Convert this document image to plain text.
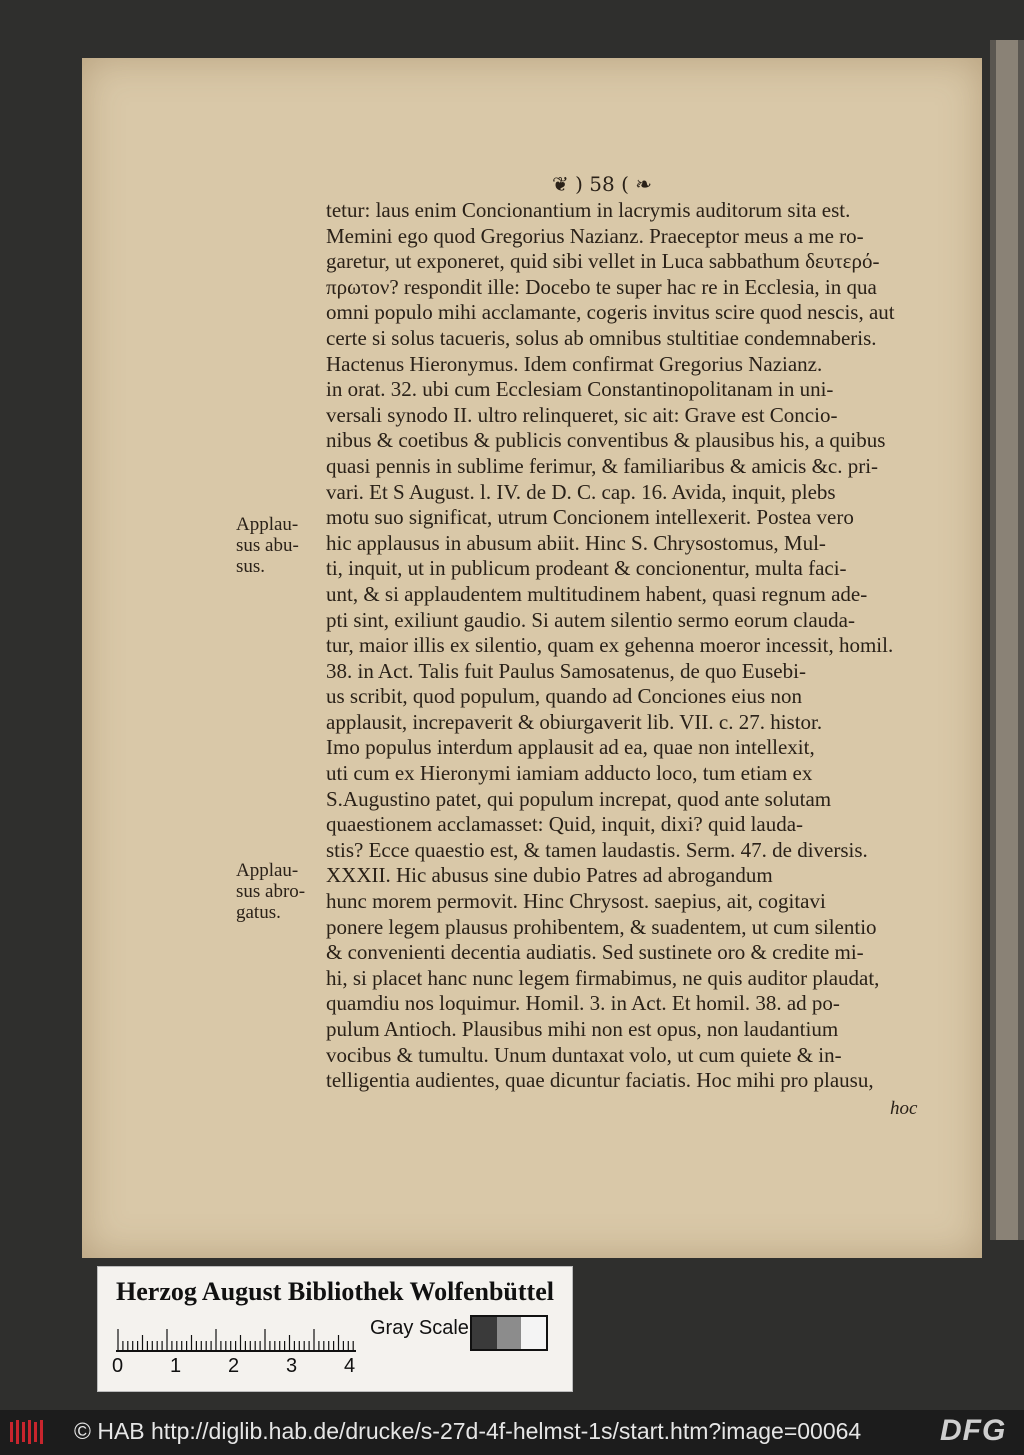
❦ ) 58 ( ❧
tetur: laus enim Concionantium in lacrymis auditorum sita est.
Memini ego quod Gregorius Nazianz. Praeceptor meus a me ro-
garetur, ut exponeret, quid sibi vellet in Luca sabbathum δευτερό-
πρωτον? respondit ille: Docebo te super hac re in Ecclesia, in qua
omni populo mihi acclamante, cogeris invitus scire quod nescis, aut
certe si solus tacueris, solus ab omnibus stultitiae condemnaberis.
Hactenus Hieronymus. Idem confirmat Gregorius Nazianz.
in orat. 32. ubi cum Ecclesiam Constantinopolitanam in uni-
versali synodo II. ultro relinqueret, sic ait: Grave est Concio-
nibus & coetibus & publicis conventibus & plausibus his, a quibus
quasi pennis in sublime ferimur, & familiaribus & amicis &c. pri-
vari. Et S August. l. IV. de D. C. cap. 16. Avida, inquit, plebs
motu suo significat, utrum Concionem intellexerit. Postea vero
hic applausus in abusum abiit. Hinc S. Chrysostomus, Mul-
ti, inquit, ut in publicum prodeant & concionentur, multa faci-
unt, & si applaudentem multitudinem habent, quasi regnum ade-
pti sint, exiliunt gaudio. Si autem silentio sermo eorum clauda-
tur, maior illis ex silentio, quam ex gehenna moeror incessit, homil.
38. in Act. Talis fuit Paulus Samosatenus, de quo Eusebi-
us scribit, quod populum, quando ad Conciones eius non
applausit, increpaverit & obiurgaverit lib. VII. c. 27. histor.
Imo populus interdum applausit ad ea, quae non intellexit,
uti cum ex Hieronymi iamiam adducto loco, tum etiam ex
S.Augustino patet, qui populum increpat, quod ante solutam
quaestionem acclamasset: Quid, inquit, dixi? quid lauda-
stis? Ecce quaestio est, & tamen laudastis. Serm. 47. de diversis.
XXXII. Hic abusus sine dubio Patres ad abrogandum
hunc morem permovit. Hinc Chrysost. saepius, ait, cogitavi
ponere legem plausus prohibentem, & suadentem, ut cum silentio
& convenienti decentia audiatis. Sed sustinete oro & credite mi-
hi, si placet hanc nunc legem firmabimus, ne quis auditor plaudat,
quamdiu nos loquimur. Homil. 3. in Act. Et homil. 38. ad po-
pulum Antioch. Plausibus mihi non est opus, non laudantium
vocibus & tumultu. Unum duntaxat volo, ut cum quiete & in-
telligentia audientes, quae dicuntur faciatis. Hoc mihi pro plausu,
hoc
Applau-
sus abu-
sus.
Applau-
sus abro-
gatus.
Herzog August Bibliothek Wolfenbüttel
0 1 2 3 4
Gray Scale
© HAB http://diglib.hab.de/drucke/s-27d-4f-helmst-1s/start.htm?image=00064	DFG
